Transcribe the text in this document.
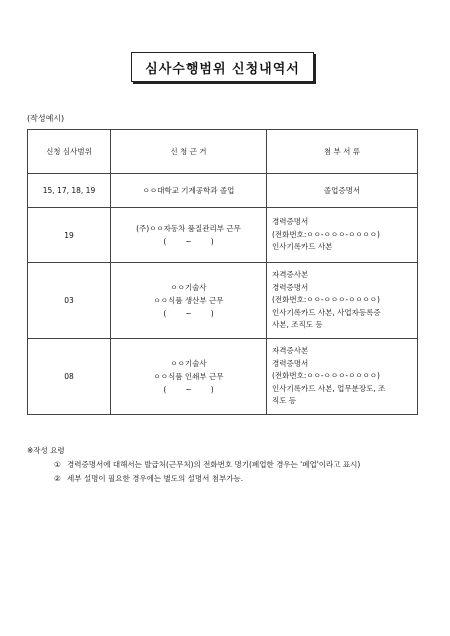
심사수행범위 신청내역서
(작성예시)
신청 심사범위	신 청 근 거	첨 부 서 류
15, 17, 18, 19	ㅇㅇ대학교 기계공학과 졸업	졸업증명서

19	(주)ㅇㅇ자동차 품질관리부 근무
(        ~        )	경력증명서
(전화번호:ㅇㅇ-ㅇㅇㅇ-ㅇㅇㅇㅇ)
인사기록카드 사본

03	ㅇㅇ기술사
ㅇㅇ식품 생산부 근무
(        ~        )	자격증사본
경력증명서
(전화번호:ㅇㅇ-ㅇㅇㅇ-ㅇㅇㅇㅇ)
인사기록카드 사본, 사업자등록증
사본, 조직도 등

08	ㅇㅇ기술사
ㅇㅇ식품 인쇄부 근무
(        ~        )	자격증사본
경력증명서
(전화번호:ㅇㅇ-ㅇㅇㅇ-ㅇㅇㅇㅇ)
인사기록카드 사본, 업무분장도, 조
직도 등
※작성 요령
① 경력증명서에 대해서는 발급처(근무처)의 전화번호 명기(폐업한 경우는 '폐업'이라고 표시)
② 세부 설명이 필요한 경우에는 별도의 설명서 첨부가능.
